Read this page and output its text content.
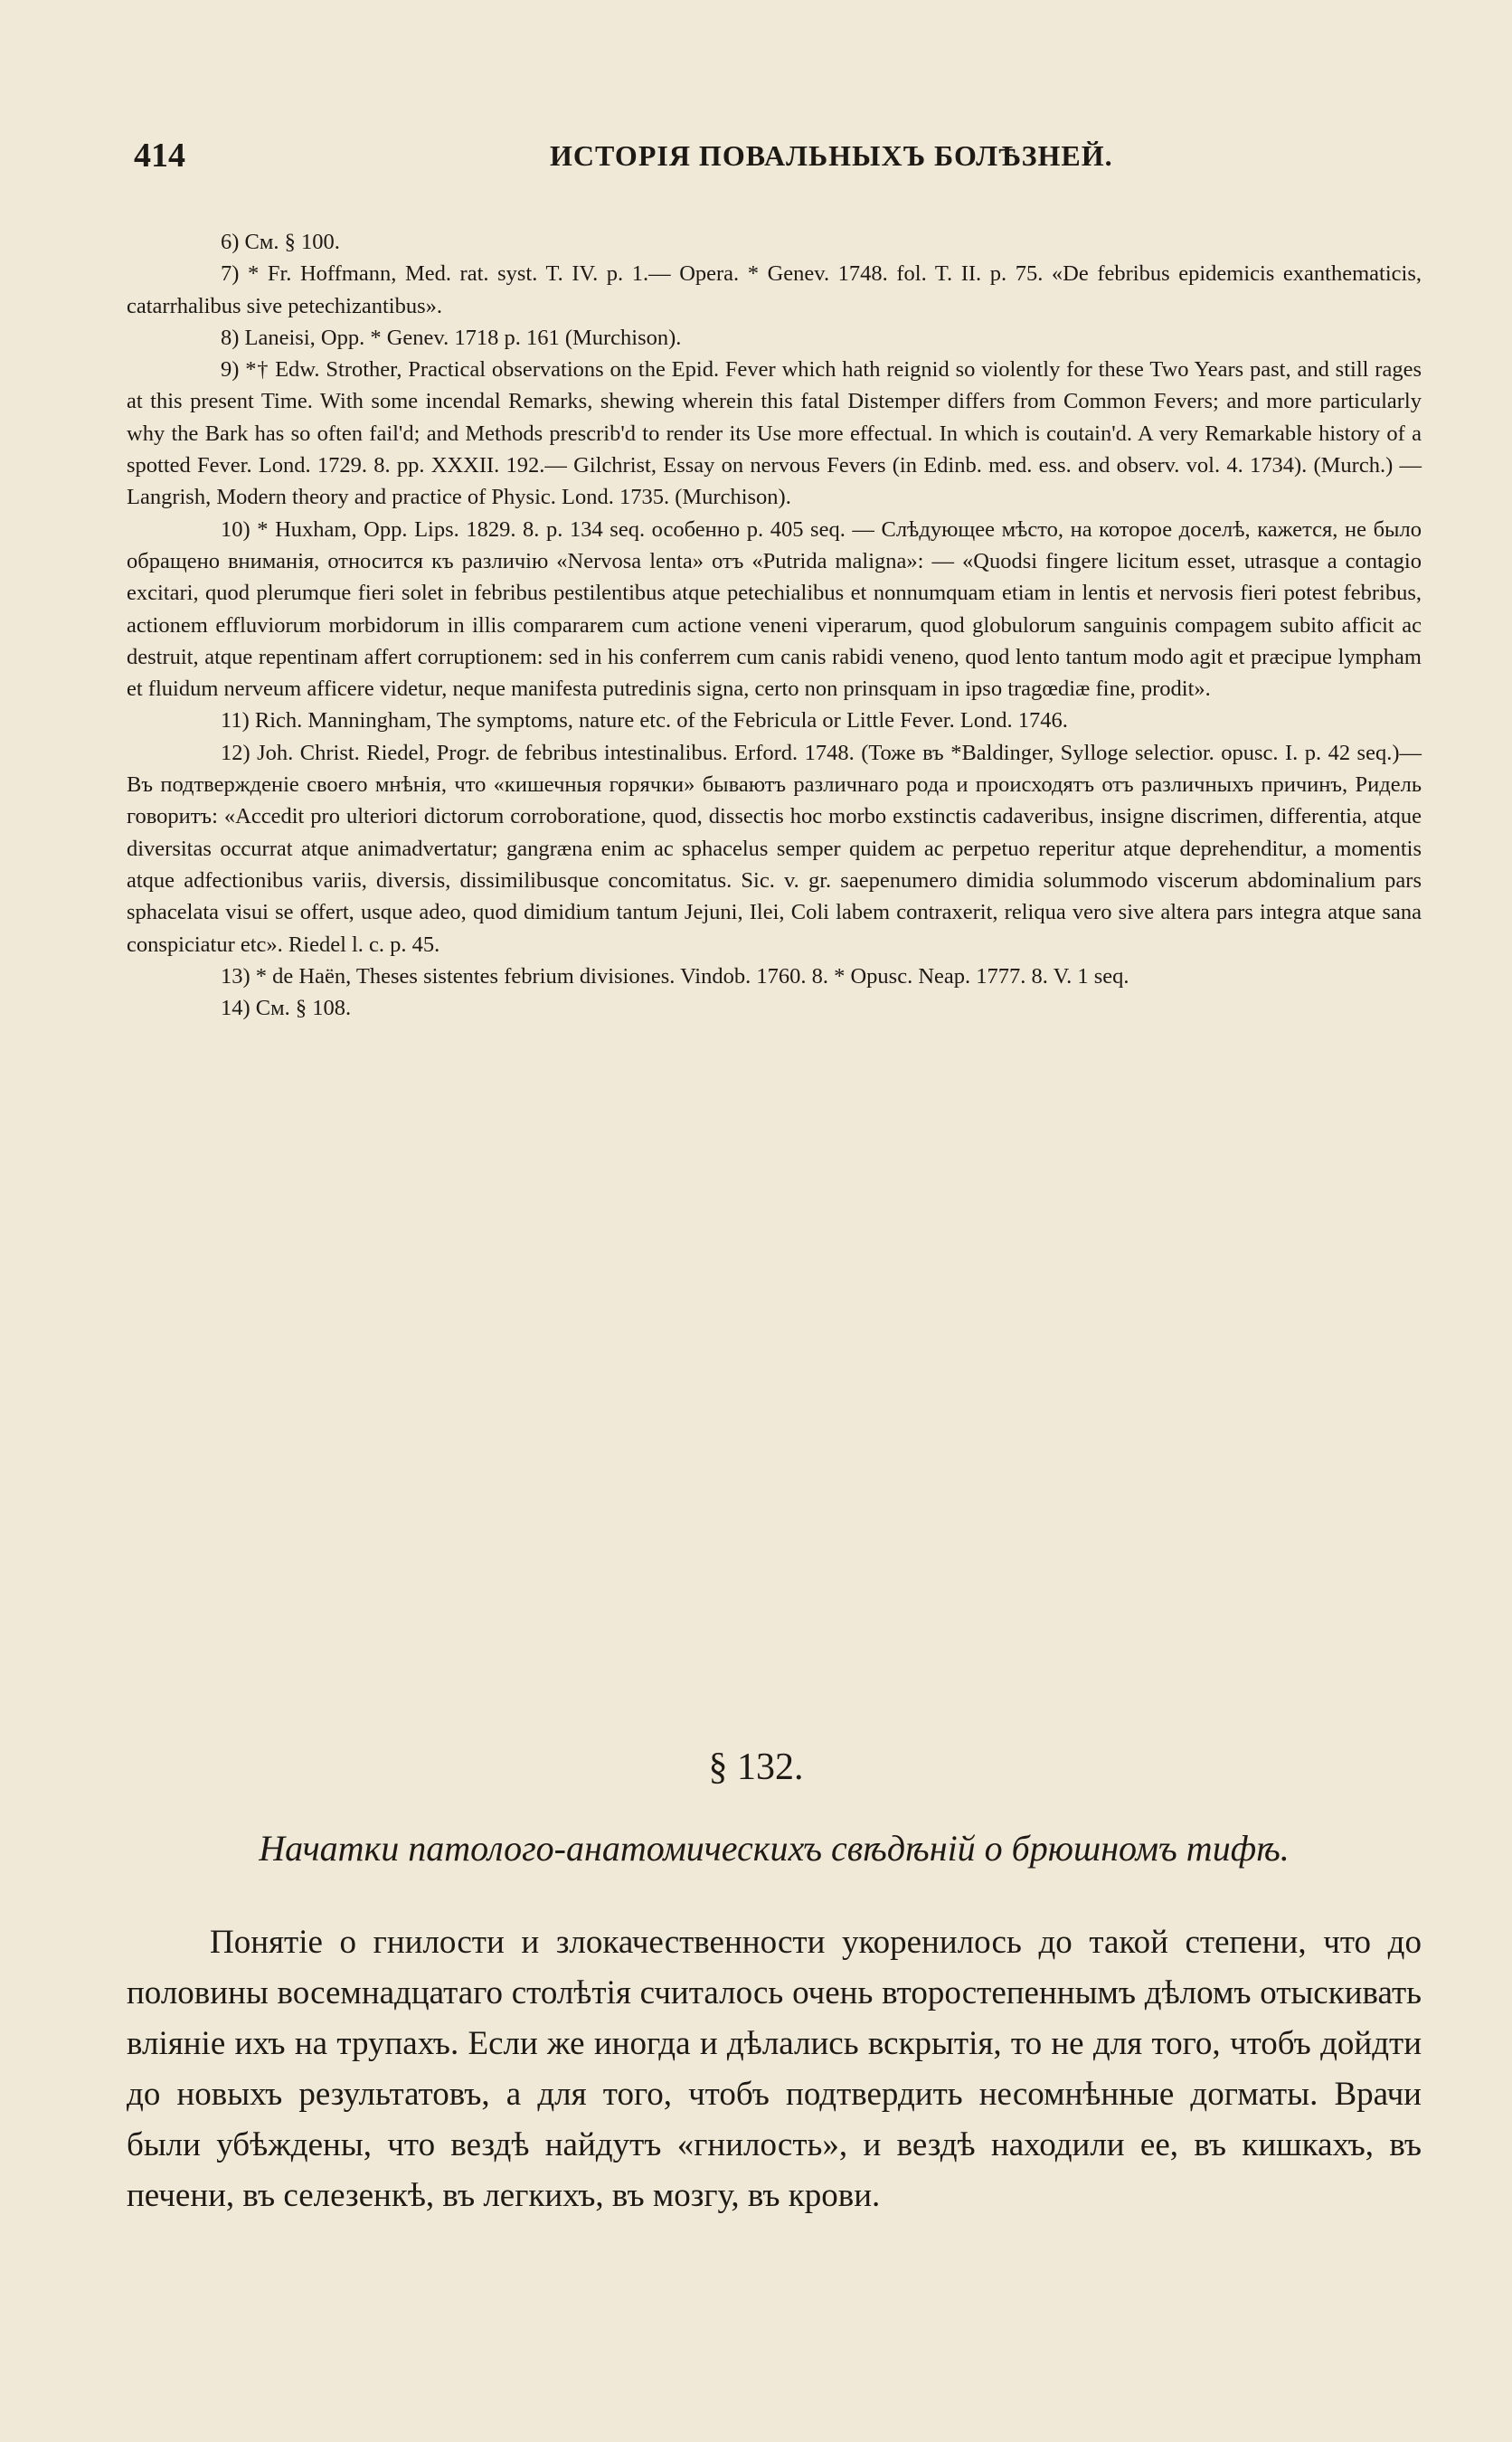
414	ИСТОРІЯ ПОВАЛЬНЫХЪ БОЛѢЗНЕЙ.

6) См. § 100.

7) * Fr. Hoffmann, Med. rat. syst. T. IV. p. 1.— Opera. * Genev. 1748. fol. T. II. p. 75. «De febribus epidemicis exanthematicis, catarrhalibus sive petechizantibus».

8) Laneisi, Opp. * Genev. 1718 p. 161 (Murchison).

9) *† Edw. Strother, Practical observations on the Epid. Fever which hath reignid so violently for these Two Years past, and still rages at this present Time. With some incendal Remarks, shewing wherein this fatal Distemper differs from Common Fevers; and more particularly why the Bark has so often fail'd; and Methods prescrib'd to render its Use more effectual. In which is coutain'd. A very Remarkable history of a spotted Fever. Lond. 1729. 8. pp. XXXII. 192.— Gilchrist, Essay on nervous Fevers (in Edinb. med. ess. and observ. vol. 4. 1734). (Murch.) — Langrish, Modern theory and practice of Physic. Lond. 1735. (Murchison).

10) * Huxham, Opp. Lips. 1829. 8. p. 134 seq. особенно p. 405 seq. — Слѣдующее мѣсто, на которое доселѣ, кажется, не было обращено вниманія, относится къ различію «Nervosa lenta» отъ «Putrida maligna»: — «Quodsi fingere licitum esset, utrasque a contagio excitari, quod plerumque fieri solet in febribus pestilentibus atque petechialibus et nonnumquam etiam in lentis et nervosis fieri potest febribus, actionem effluviorum morbidorum in illis compararem cum actione veneni viperarum, quod globulorum sanguinis compagem subito afficit ac destruit, atque repentinam affert corruptionem: sed in his conferrem cum canis rabidi veneno, quod lento tantum modo agit et præcipue lympham et fluidum nerveum afficere videtur, neque manifesta putredinis signa, certo non prinsquam in ipso tragœdiæ fine, prodit».

11) Rich. Manningham, The symptoms, nature etc. of the Febricula or Little Fever. Lond. 1746.

12) Joh. Christ. Riedel, Progr. de febribus intestinalibus. Erford. 1748. (Тоже въ *Baldinger, Sylloge selectior. opusc. I. p. 42 seq.)— Въ подтвержденіе своего мнѣнія, что «кишечныя горячки» бываютъ различнаго рода и происходятъ отъ различныхъ причинъ, Ридель говоритъ: «Accedit pro ulteriori dictorum corroboratione, quod, dissectis hoc morbo exstinctis cadaveribus, insigne discrimen, differentia, atque diversitas occurrat atque animadvertatur; gangræna enim ac sphacelus semper quidem ac perpetuo reperitur atque deprehenditur, a momentis atque adfectionibus variis, diversis, dissimilibusque concomitatus. Sic. v. gr. saepenumero dimidia solummodo viscerum abdominalium pars sphacelata visui se offert, usque adeo, quod dimidium tantum Jejuni, Ilei, Coli labem contraxerit, reliqua vero sive altera pars integra atque sana conspiciatur etc». Riedel l. c. p. 45.

13) * de Haën, Theses sistentes febrium divisiones. Vindob. 1760. 8. * Opusc. Neap. 1777. 8. V. 1 seq.

14) См. § 108.

§ 132.
Начатки патолого-анатомическихъ свѣдѣній о брюшномъ тифѣ.

Понятіе о гнилости и злокачественности укоренилось до такой степени, что до половины восемнадцатаго столѣтія считалось очень второстепеннымъ дѣломъ отыскивать вліяніе ихъ на трупахъ. Если же иногда и дѣлались вскрытія, то не для того, чтобъ дойдти до новыхъ результатовъ, а для того, чтобъ подтвердить несомнѣнные догматы. Врачи были убѣждены, что вездѣ найдутъ «гнилость», и вездѣ находили ее, въ кишкахъ, въ печени, въ селезенкѣ, въ легкихъ, въ мозгу, въ крови.
